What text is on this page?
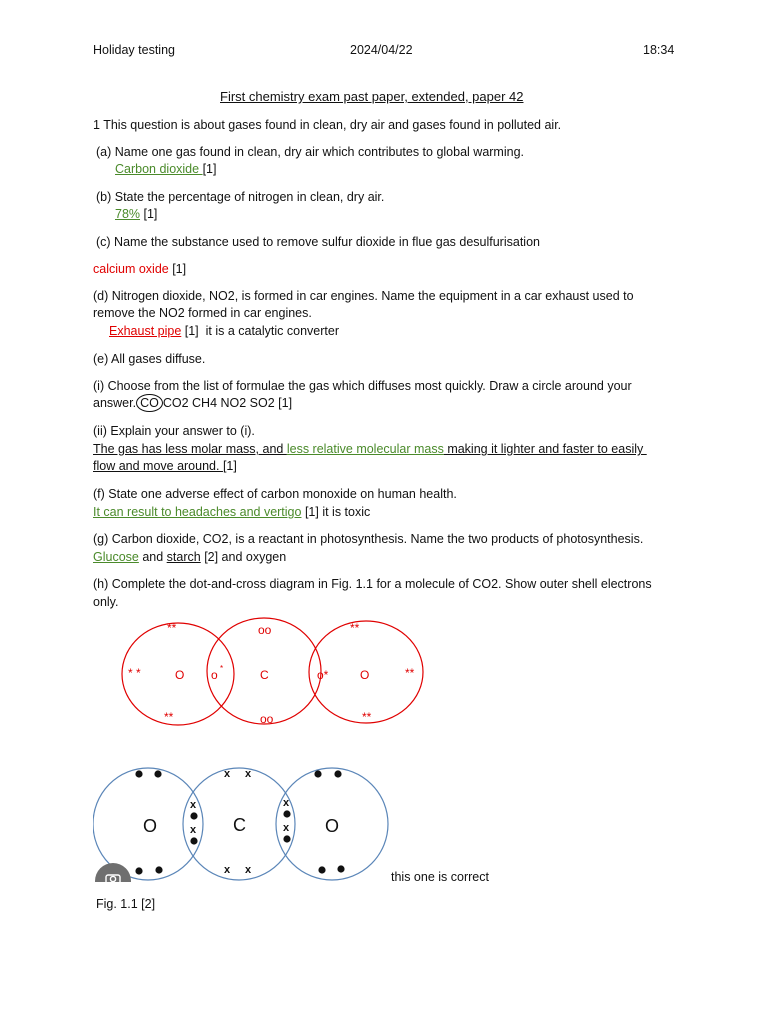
Holiday testing	2024/04/22	18:34
First chemistry exam past paper, extended, paper 42
1 This question is about gases found in clean, dry air and gases found in polluted air.
(a) Name one gas found in clean, dry air which contributes to global warming.
Carbon dioxide [1]
(b) State the percentage of nitrogen in clean, dry air.
78% [1]
(c) Name the substance used to remove sulfur dioxide in flue gas desulfurisation
calcium oxide [1]
(d) Nitrogen dioxide, NO2, is formed in car engines. Name the equipment in a car exhaust used to
remove the NO2 formed in car engines.
Exhaust pipe [1]  it is a catalytic converter
(e) All gases diffuse.
(i) Choose from the list of formulae the gas which diffuses most quickly. Draw a circle around your
answer. CO CO2 CH4 NO2 SO2 [1]
(ii) Explain your answer to (i).
The gas has less molar mass, and less relative molecular mass making it lighter and faster to easily
flow and move around. [1]
(f) State one adverse effect of carbon monoxide on human health.
It can result to headaches and vertigo [1] it is toxic
(g) Carbon dioxide, CO2, is a reactant in photosynthesis. Name the two products of photosynthesis.
Glucose and starch [2] and oxygen
(h) Complete the dot-and-cross diagram in Fig. 1.1 for a molecule of CO2. Show outer shell electrons
only.
**
**
* *	O o *
oo
C
oo
o*
**
O	**
**
x x
x x
x
x
x
x
O	C	O
this one is correct
Fig. 1.1 [2]
